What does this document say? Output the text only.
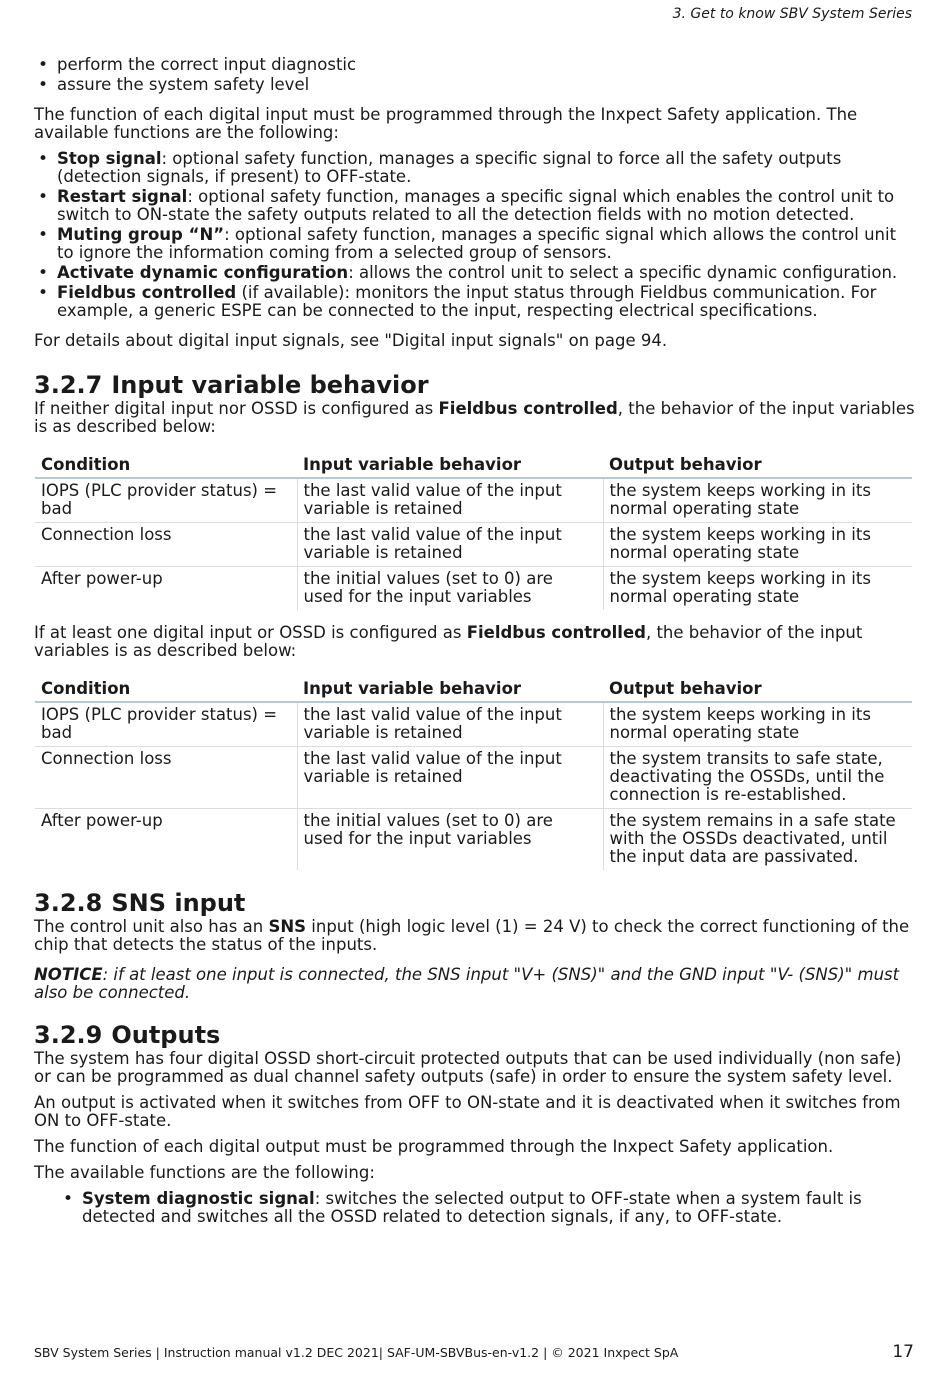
3. Get to know SBV System Series
• perform the correct input diagnostic
• assure the system safety level

The function of each digital input must be programmed through the Inxpect Safety application. The available functions are the following:

• Stop signal: optional safety function, manages a specific signal to force all the safety outputs (detection signals, if present) to OFF-state.
• Restart signal: optional safety function, manages a specific signal which enables the control unit to switch to ON-state the safety outputs related to all the detection fields with no motion detected.
• Muting group “N”: optional safety function, manages a specific signal which allows the control unit to ignore the information coming from a selected group of sensors.
• Activate dynamic configuration: allows the control unit to select a specific dynamic configuration.
• Fieldbus controlled (if available): monitors the input status through Fieldbus communication. For example, a generic ESPE can be connected to the input, respecting electrical specifications.

For details about digital input signals, see "Digital input signals" on page 94.

3.2.7 Input variable behavior

If neither digital input nor OSSD is configured as Fieldbus controlled, the behavior of the input variables is as described below:

Condition	Input variable behavior	Output behavior
IOPS (PLC provider status) = bad	the last valid value of the input variable is retained	the system keeps working in its normal operating state
Connection loss	the last valid value of the input variable is retained	the system keeps working in its normal operating state
After power-up	the initial values (set to 0) are used for the input variables	the system keeps working in its normal operating state

If at least one digital input or OSSD is configured as Fieldbus controlled, the behavior of the input variables is as described below:

Condition	Input variable behavior	Output behavior
IOPS (PLC provider status) = bad	the last valid value of the input variable is retained	the system keeps working in its normal operating state
Connection loss	the last valid value of the input variable is retained	the system transits to safe state, deactivating the OSSDs, until the connection is re-established.
After power-up	the initial values (set to 0) are used for the input variables	the system remains in a safe state with the OSSDs deactivated, until the input data are passivated.
3.2.8 SNS input

The control unit also has an SNS input (high logic level (1) = 24 V) to check the correct functioning of the chip that detects the status of the inputs.

NOTICE: if at least one input is connected, the SNS input "V+ (SNS)" and the GND input "V- (SNS)" must also be connected.

3.2.9 Outputs

The system has four digital OSSD short-circuit protected outputs that can be used individually (non safe) or can be programmed as dual channel safety outputs (safe) in order to ensure the system safety level.

An output is activated when it switches from OFF to ON-state and it is deactivated when it switches from ON to OFF-state.

The function of each digital output must be programmed through the Inxpect Safety application.

The available functions are the following:

• System diagnostic signal: switches the selected output to OFF-state when a system fault is detected and switches all the OSSD related to detection signals, if any, to OFF-state.
SBV System Series | Instruction manual v1.2 DEC 2021| SAF-UM-SBVBus-en-v1.2 | © 2021 Inxpect SpA	17
